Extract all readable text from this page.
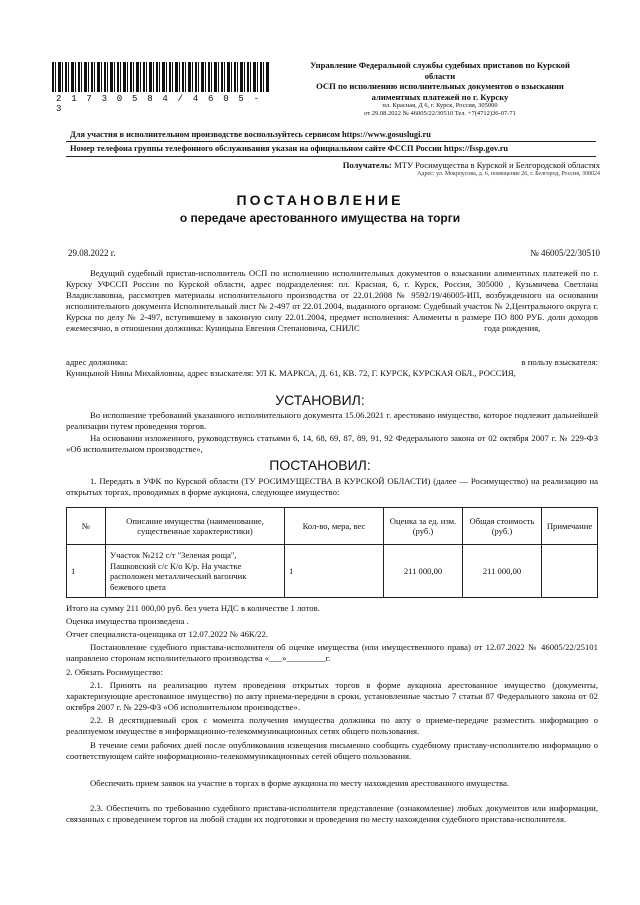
2 1 7 3 0 5 8 4 / 4 6 0 5 - 3
Управление Федеральной службы судебных приставов по Курской
области
ОСП по исполнению исполнительных документов о взыскании
алиментных платежей по г. Курску
пл. Красная, Д 6, г. Курск, Россия, 305000
от 29.08.2022 № 46005/22/30510 Тел. +7(4712)36-07-71
Для участия в исполнительном производстве воспользуйтесь сервисом https://www.gosuslugi.ru
Номер телефона группы телефонного обслуживания указан на официальном сайте ФССП России https://fssp.gov.ru
Получатель: МТУ Росимущества в Курской и Белгородской областях
Адрес: ул. Мокроусова, д. 6, помещение 26, г. Белгород, Россия, 308024
ПОСТАНОВЛЕНИЕ
о передаче арестованного имущества на торги
29.08.2022 г.	№ 46005/22/30510
Ведущий судебный пристав-исполнитель ОСП по исполнению исполнительных документов о взыскании алиментных платежей по г. Курску УФССП России по Курской области, адрес подразделения: пл. Красная, 6, г. Курск, Россия, 305000 , Кузьмичева Светлана Владиславовна, рассмотрев материалы исполнительного производства от 22.01.2008 № 9592/19/46005-ИП, возбужденного на основании исполнительного документа Исполнительный лист № 2-497 от 22.01.2004, выданного органом: Судебный участок № 2,Центрального округа г. Курска по делу № 2-497, вступившему в законную силу 22.01.2004, предмет исполнения: Алименты в размере ПО 800 РУБ. доли доходов ежемесячно, в отношении должника: Куницына Евгения Степановича, СНИЛС	года рождения,
адрес должника:	в пользу взыскателя:
Куницыной Нины Михайловны, адрес взыскателя: УЛ К. МАРКСА, Д. 61, КВ. 72, Г. КУРСК, КУРСКАЯ ОБЛ., РОССИЯ,
УСТАНОВИЛ:
Во исполнение требований указанного исполнительного документа 15.06.2021 г. арестовано имущество, которое подлежит дальнейшей реализации путем проведения торгов.
На основании изложенного, руководствуясь статьями 6, 14, 68, 69, 87, 89, 91, 92 Федерального закона от 02 октября 2007 г. № 229-ФЗ «Об исполнительном производстве»,
ПОСТАНОВИЛ:
1. Передать в УФК по Курской области (ТУ РОСИМУЩЕСТВА В КУРСКОЙ ОБЛАСТИ) (далее — Росимущество) на реализацию на открытых торгах, проводимых в форме аукциона, следующее имущество:
№	Описание имущества (наименование, существенные характеристики)	Кол-во, мера, вес	Оценка за ед. изм. (руб.)	Общая стоимость (руб.)	Примечание
1	Участок №212 с/т "Зеленая роща", Пашковский с/с К/о К/р. На участке расположен металлический вагончик бежевого цвета	1	211 000,00	211 000,00	
Итого на сумму 211 000,00 руб. без учета НДС в количестве 1 лотов.
Оценка имущества произведена .
Отчет специалиста-оценщика от 12.07.2022 № 46К/22.
Постановление судебного пристава-исполнителя об оценке имущества (или имущественного права) от 12.07.2022 № 46005/22/25101 направлено сторонам исполнительного производства «___»_________г.
2. Обязать Росимущество:
2.1. Принять на реализацию путем проведения открытых торгов в форме аукциона арестованное имущество (документы, характеризующие арестованное имущество) по акту приема-передачи в сроки, установленные частью 7 статьи 87 Федерального закона от 02 октября 2007 г. № 229-ФЗ «Об исполнительном производстве».
2.2. В десятидневный срок с момента получения имущества должника по акту о приеме-передаче разместить информацию о реализуемом имуществе в информационно-телекоммуникационных сетях общего пользования.
В течение семи рабочих дней после опубликования извещения письменно сообщить судебному приставу-исполнителю информацию о соответствующем сайте информационно-телекоммуникационных сетей общего пользования.
Обеспечить прием заявок на участие в торгах в форме аукциона по месту нахождения арестованного имущества.
2.3. Обеспечить по требованию судебного пристава-исполнителя представление (ознакомление) любых документов или информации, связанных с проведением торгов на любой стадии их подготовки и проведения по месту нахождения судебного пристава-исполнителя.
